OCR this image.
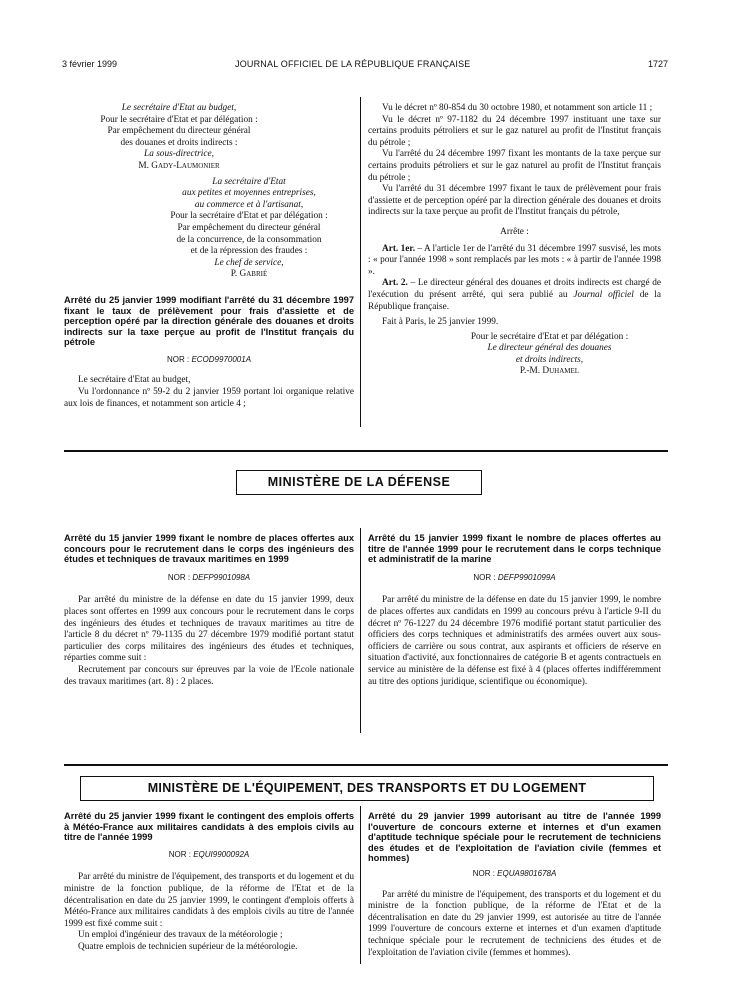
3 février 1999	JOURNAL OFFICIEL DE LA RÉPUBLIQUE FRANÇAISE	1727
Le secrétaire d'Etat au budget,
Pour le secrétaire d'Etat et par délégation :
Par empêchement du directeur général
des douanes et droits indirects :
La sous-directrice,
M. Gady-Laumonier
La secrétaire d'Etat
aux petites et moyennes entreprises,
au commerce et à l'artisanat,
Pour la secrétaire d'Etat et par délégation :
Par empêchement du directeur général
de la concurrence, de la consommation
et de la répression des fraudes :
Le chef de service,
P. Gabrié
Arrêté du 25 janvier 1999 modifiant l'arrêté du 31 décembre 1997 fixant le taux de prélèvement pour frais d'assiette et de perception opéré par la direction générale des douanes et droits indirects sur la taxe perçue au profit de l'Institut français du pétrole
NOR : ECOD9970001A

Le secrétaire d'Etat au budget,

Vu l'ordonnance nº 59-2 du 2 janvier 1959 portant loi organique relative aux lois de finances, et notamment son article 4 ;

Vu le décret nº 80-854 du 30 octobre 1980, et notamment son article 11 ;

Vu le décret nº 97-1182 du 24 décembre 1997 instituant une taxe sur certains produits pétroliers et sur le gaz naturel au profit de l'Institut français du pétrole ;

Vu l'arrêté du 24 décembre 1997 fixant les montants de la taxe perçue sur certains produits pétroliers et sur le gaz naturel au profit de l'Institut français du pétrole ;

Vu l'arrêté du 31 décembre 1997 fixant le taux de prélèvement pour frais d'assiette et de perception opéré par la direction générale des douanes et droits indirects sur la taxe perçue au profit de l'Institut français du pétrole,

Arrête :

Art. 1er. – A l'article 1er de l'arrêté du 31 décembre 1997 susvisé, les mots : « pour l'année 1998 » sont remplacés par les mots : « à partir de l'année 1998 ».

Art. 2. – Le directeur général des douanes et droits indirects est chargé de l'exécution du présent arrêté, qui sera publié au Journal officiel de la République française.

Fait à Paris, le 25 janvier 1999.

Pour le secrétaire d'Etat et par délégation :
Le directeur général des douanes
et droits indirects,
P.-M. Duhamel
MINISTÈRE DE LA DÉFENSE
Arrêté du 15 janvier 1999 fixant le nombre de places offertes aux concours pour le recrutement dans le corps des ingénieurs des études et techniques de travaux maritimes en 1999
NOR : DEFP9901098A

Par arrêté du ministre de la défense en date du 15 janvier 1999, deux places sont offertes en 1999 aux concours pour le recrutement dans le corps des ingénieurs des études et techniques de travaux maritimes au titre de l'article 8 du décret nº 79-1135 du 27 décembre 1979 modifié portant statut particulier des corps militaires des ingénieurs des études et techniques, réparties comme suit :

Recrutement par concours sur épreuves par la voie de l'Ecole nationale des travaux maritimes (art. 8) : 2 places.

Arrêté du 15 janvier 1999 fixant le nombre de places offertes au titre de l'année 1999 pour le recrutement dans le corps technique et administratif de la marine
NOR : DEFP9901099A

Par arrêté du ministre de la défense en date du 15 janvier 1999, le nombre de places offertes aux candidats en 1999 au concours prévu à l'article 9-II du décret nº 76-1227 du 24 décembre 1976 modifié portant statut particulier des officiers des corps techniques et administratifs des armées ouvert aux sous-officiers de carrière ou sous contrat, aux aspirants et officiers de réserve en situation d'activité, aux fonctionnaires de catégorie B et agents contractuels en service au ministère de la défense est fixé à 4 (places offertes indifféremment au titre des options juridique, scientifique ou économique).

MINISTÈRE DE L'ÉQUIPEMENT, DES TRANSPORTS ET DU LOGEMENT
Arrêté du 25 janvier 1999 fixant le contingent des emplois offerts à Météo-France aux militaires candidats à des emplois civils au titre de l'année 1999
NOR : EQUI9900092A

Par arrêté du ministre de l'équipement, des transports et du logement et du ministre de la fonction publique, de la réforme de l'Etat et de la décentralisation en date du 25 janvier 1999, le contingent d'emplois offerts à Météo-France aux militaires candidats à des emplois civils au titre de l'année 1999 est fixé comme suit :

Un emploi d'ingénieur des travaux de la météorologie ;

Quatre emplois de technicien supérieur de la météorologie.

Arrêté du 29 janvier 1999 autorisant au titre de l'année 1999 l'ouverture de concours externe et internes et d'un examen d'aptitude technique spéciale pour le recrutement de techniciens des études et de l'exploitation de l'aviation civile (femmes et hommes)
NOR : EQUA9801678A

Par arrêté du ministre de l'équipement, des transports et du logement et du ministre de la fonction publique, de la réforme de l'Etat et de la décentralisation en date du 29 janvier 1999, est autorisée au titre de l'année 1999 l'ouverture de concours externe et internes et d'un examen d'aptitude technique spéciale pour le recrutement de techniciens des études et de l'exploitation de l'aviation civile (femmes et hommes).
